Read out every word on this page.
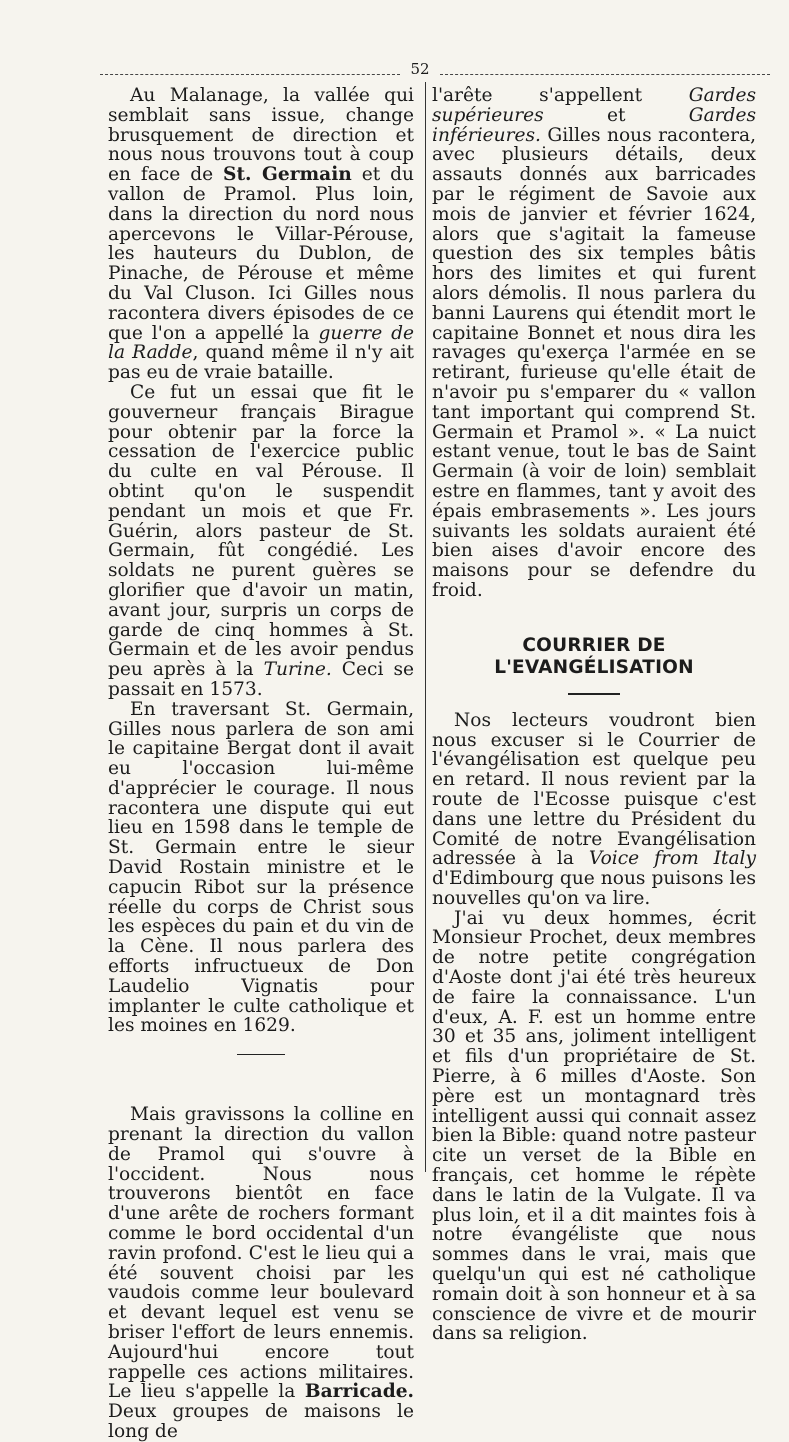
52

Au Malanage, la vallée qui semblait sans issue, change brusquement de direction et nous nous trouvons tout à coup en face de St. Germain et du vallon de Pramol. Plus loin, dans la direction du nord nous apercevons le Villar-Pérouse, les hauteurs du Dublon, de Pinache, de Pérouse et même du Val Cluson. Ici Gilles nous racontera divers épisodes de ce que l'on a appellé la guerre de la Radde, quand même il n'y ait pas eu de vraie bataille.

Ce fut un essai que fit le gouverneur français Birague pour obtenir par la force la cessation de l'exercice public du culte en val Pérouse. Il obtint qu'on le suspendit pendant un mois et que Fr. Guérin, alors pasteur de St. Germain, fût congédié. Les soldats ne purent guères se glorifier que d'avoir un matin, avant jour, surpris un corps de garde de cinq hommes à St. Germain et de les avoir pendus peu après à la Turine. Ceci se passait en 1573.

En traversant St. Germain, Gilles nous parlera de son ami le capitaine Bergat dont il avait eu l'occasion lui-même d'apprécier le courage. Il nous racontera une dispute qui eut lieu en 1598 dans le temple de St. Germain entre le sieur David Rostain ministre et le capucin Ribot sur la présence réelle du corps de Christ sous les espèces du pain et du vin de la Cène. Il nous parlera des efforts infructueux de Don Laudelio Vignatis pour implanter le culte catholique et les moines en 1629.

Mais gravissons la colline en prenant la direction du vallon de Pramol qui s'ouvre à l'occident. Nous nous trouverons bientôt en face d'une arête de rochers formant comme le bord occidental d'un ravin profond. C'est le lieu qui a été souvent choisi par les vaudois comme leur boulevard et devant lequel est venu se briser l'effort de leurs ennemis. Aujourd'hui encore tout rappelle ces actions militaires. Le lieu s'appelle la Barricade. Deux groupes de maisons le long de

l'arête s'appellent Gardes supérieures et Gardes inférieures. Gilles nous racontera, avec plusieurs détails, deux assauts donnés aux barricades par le régiment de Savoie aux mois de janvier et février 1624, alors que s'agitait la fameuse question des six temples bâtis hors des limites et qui furent alors démolis. Il nous parlera du banni Laurens qui étendit mort le capitaine Bonnet et nous dira les ravages qu'exerça l'armée en se retirant, furieuse qu'elle était de n'avoir pu s'emparer du « vallon tant important qui comprend St. Germain et Pramol ». « La nuict estant venue, tout le bas de Saint Germain (à voir de loin) semblait estre en flammes, tant y avoit des épais embrasements ». Les jours suivants les soldats auraient été bien aises d'avoir encore des maisons pour se defendre du froid.

COURRIER DE L'EVANGÉLISATION

Nos lecteurs voudront bien nous excuser si le Courrier de l'évangélisation est quelque peu en retard. Il nous revient par la route de l'Ecosse puisque c'est dans une lettre du Président du Comité de notre Evangélisation adressée à la Voice from Italy d'Edimbourg que nous puisons les nouvelles qu'on va lire.

J'ai vu deux hommes, écrit Monsieur Prochet, deux membres de notre petite congrégation d'Aoste dont j'ai été très heureux de faire la connaissance. L'un d'eux, A. F. est un homme entre 30 et 35 ans, joliment intelligent et fils d'un propriétaire de St. Pierre, à 6 milles d'Aoste. Son père est un montagnard très intelligent aussi qui connait assez bien la Bible: quand notre pasteur cite un verset de la Bible en français, cet homme le répète dans le latin de la Vulgate. Il va plus loin, et il a dit maintes fois à notre évangéliste que nous sommes dans le vrai, mais que quelqu'un qui est né catholique romain doit à son honneur et à sa conscience de vivre et de mourir dans sa religion.
